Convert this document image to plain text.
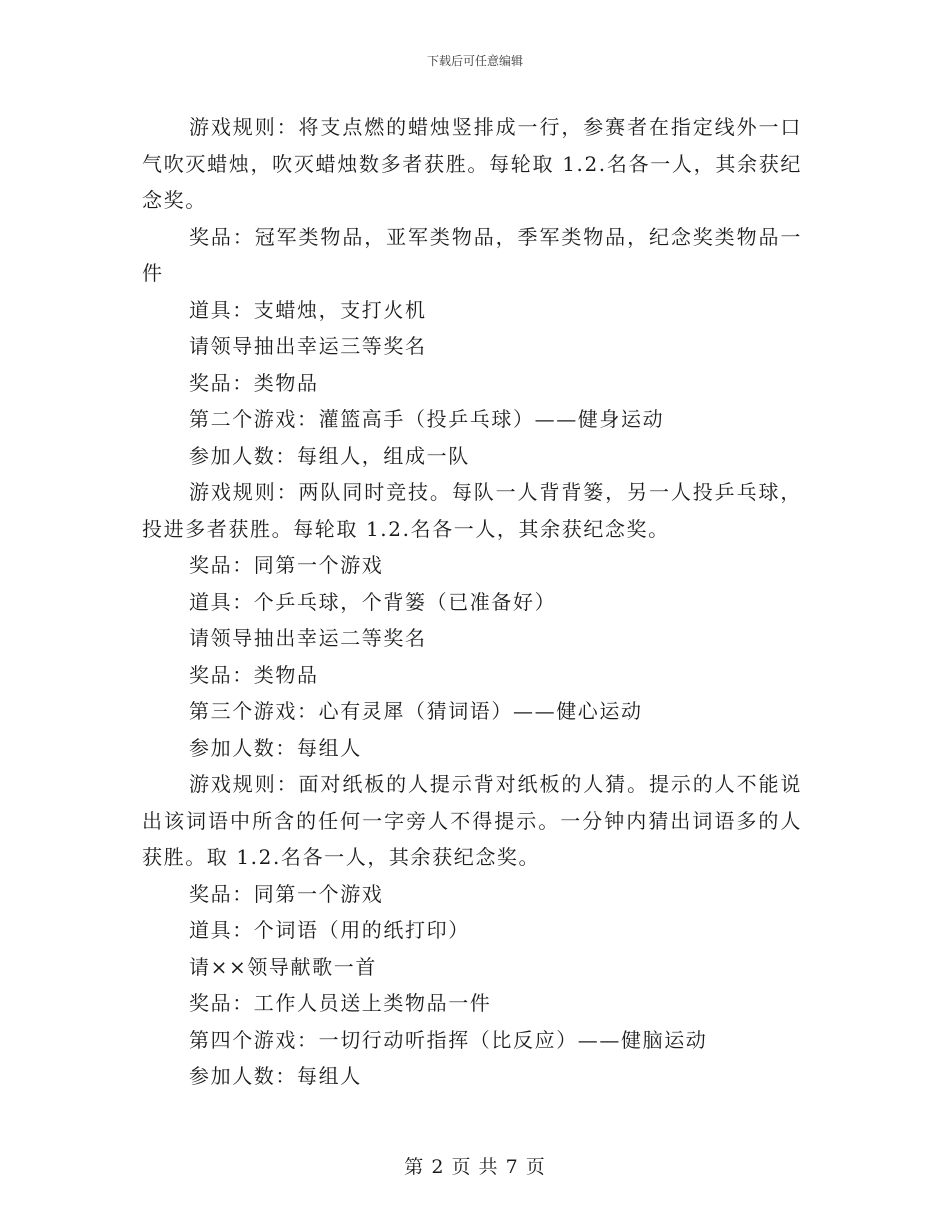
下载后可任意编辑

游戏规则：将支点燃的蜡烛竖排成一行，参赛者在指定线外一口气吹灭蜡烛，吹灭蜡烛数多者获胜。每轮取 1.2.名各一人，其余获纪念奖。

奖品：冠军类物品，亚军类物品，季军类物品，纪念奖类物品一件

道具：支蜡烛，支打火机

请领导抽出幸运三等奖名

奖品：类物品

第二个游戏：灌篮高手（投乒乓球）——健身运动

参加人数：每组人，组成一队

游戏规则：两队同时竞技。每队一人背背篓，另一人投乒乓球，投进多者获胜。每轮取 1.2.名各一人，其余获纪念奖。

奖品：同第一个游戏

道具：个乒乓球，个背篓（已准备好）

请领导抽出幸运二等奖名

奖品：类物品

第三个游戏：心有灵犀（猜词语）——健心运动

参加人数：每组人

游戏规则：面对纸板的人提示背对纸板的人猜。提示的人不能说出该词语中所含的任何一字旁人不得提示。一分钟内猜出词语多的人获胜。取 1.2.名各一人，其余获纪念奖。

奖品：同第一个游戏

道具：个词语（用的纸打印）

请××领导献歌一首

奖品：工作人员送上类物品一件

第四个游戏：一切行动听指挥（比反应）——健脑运动

参加人数：每组人

第 2 页 共 7 页
